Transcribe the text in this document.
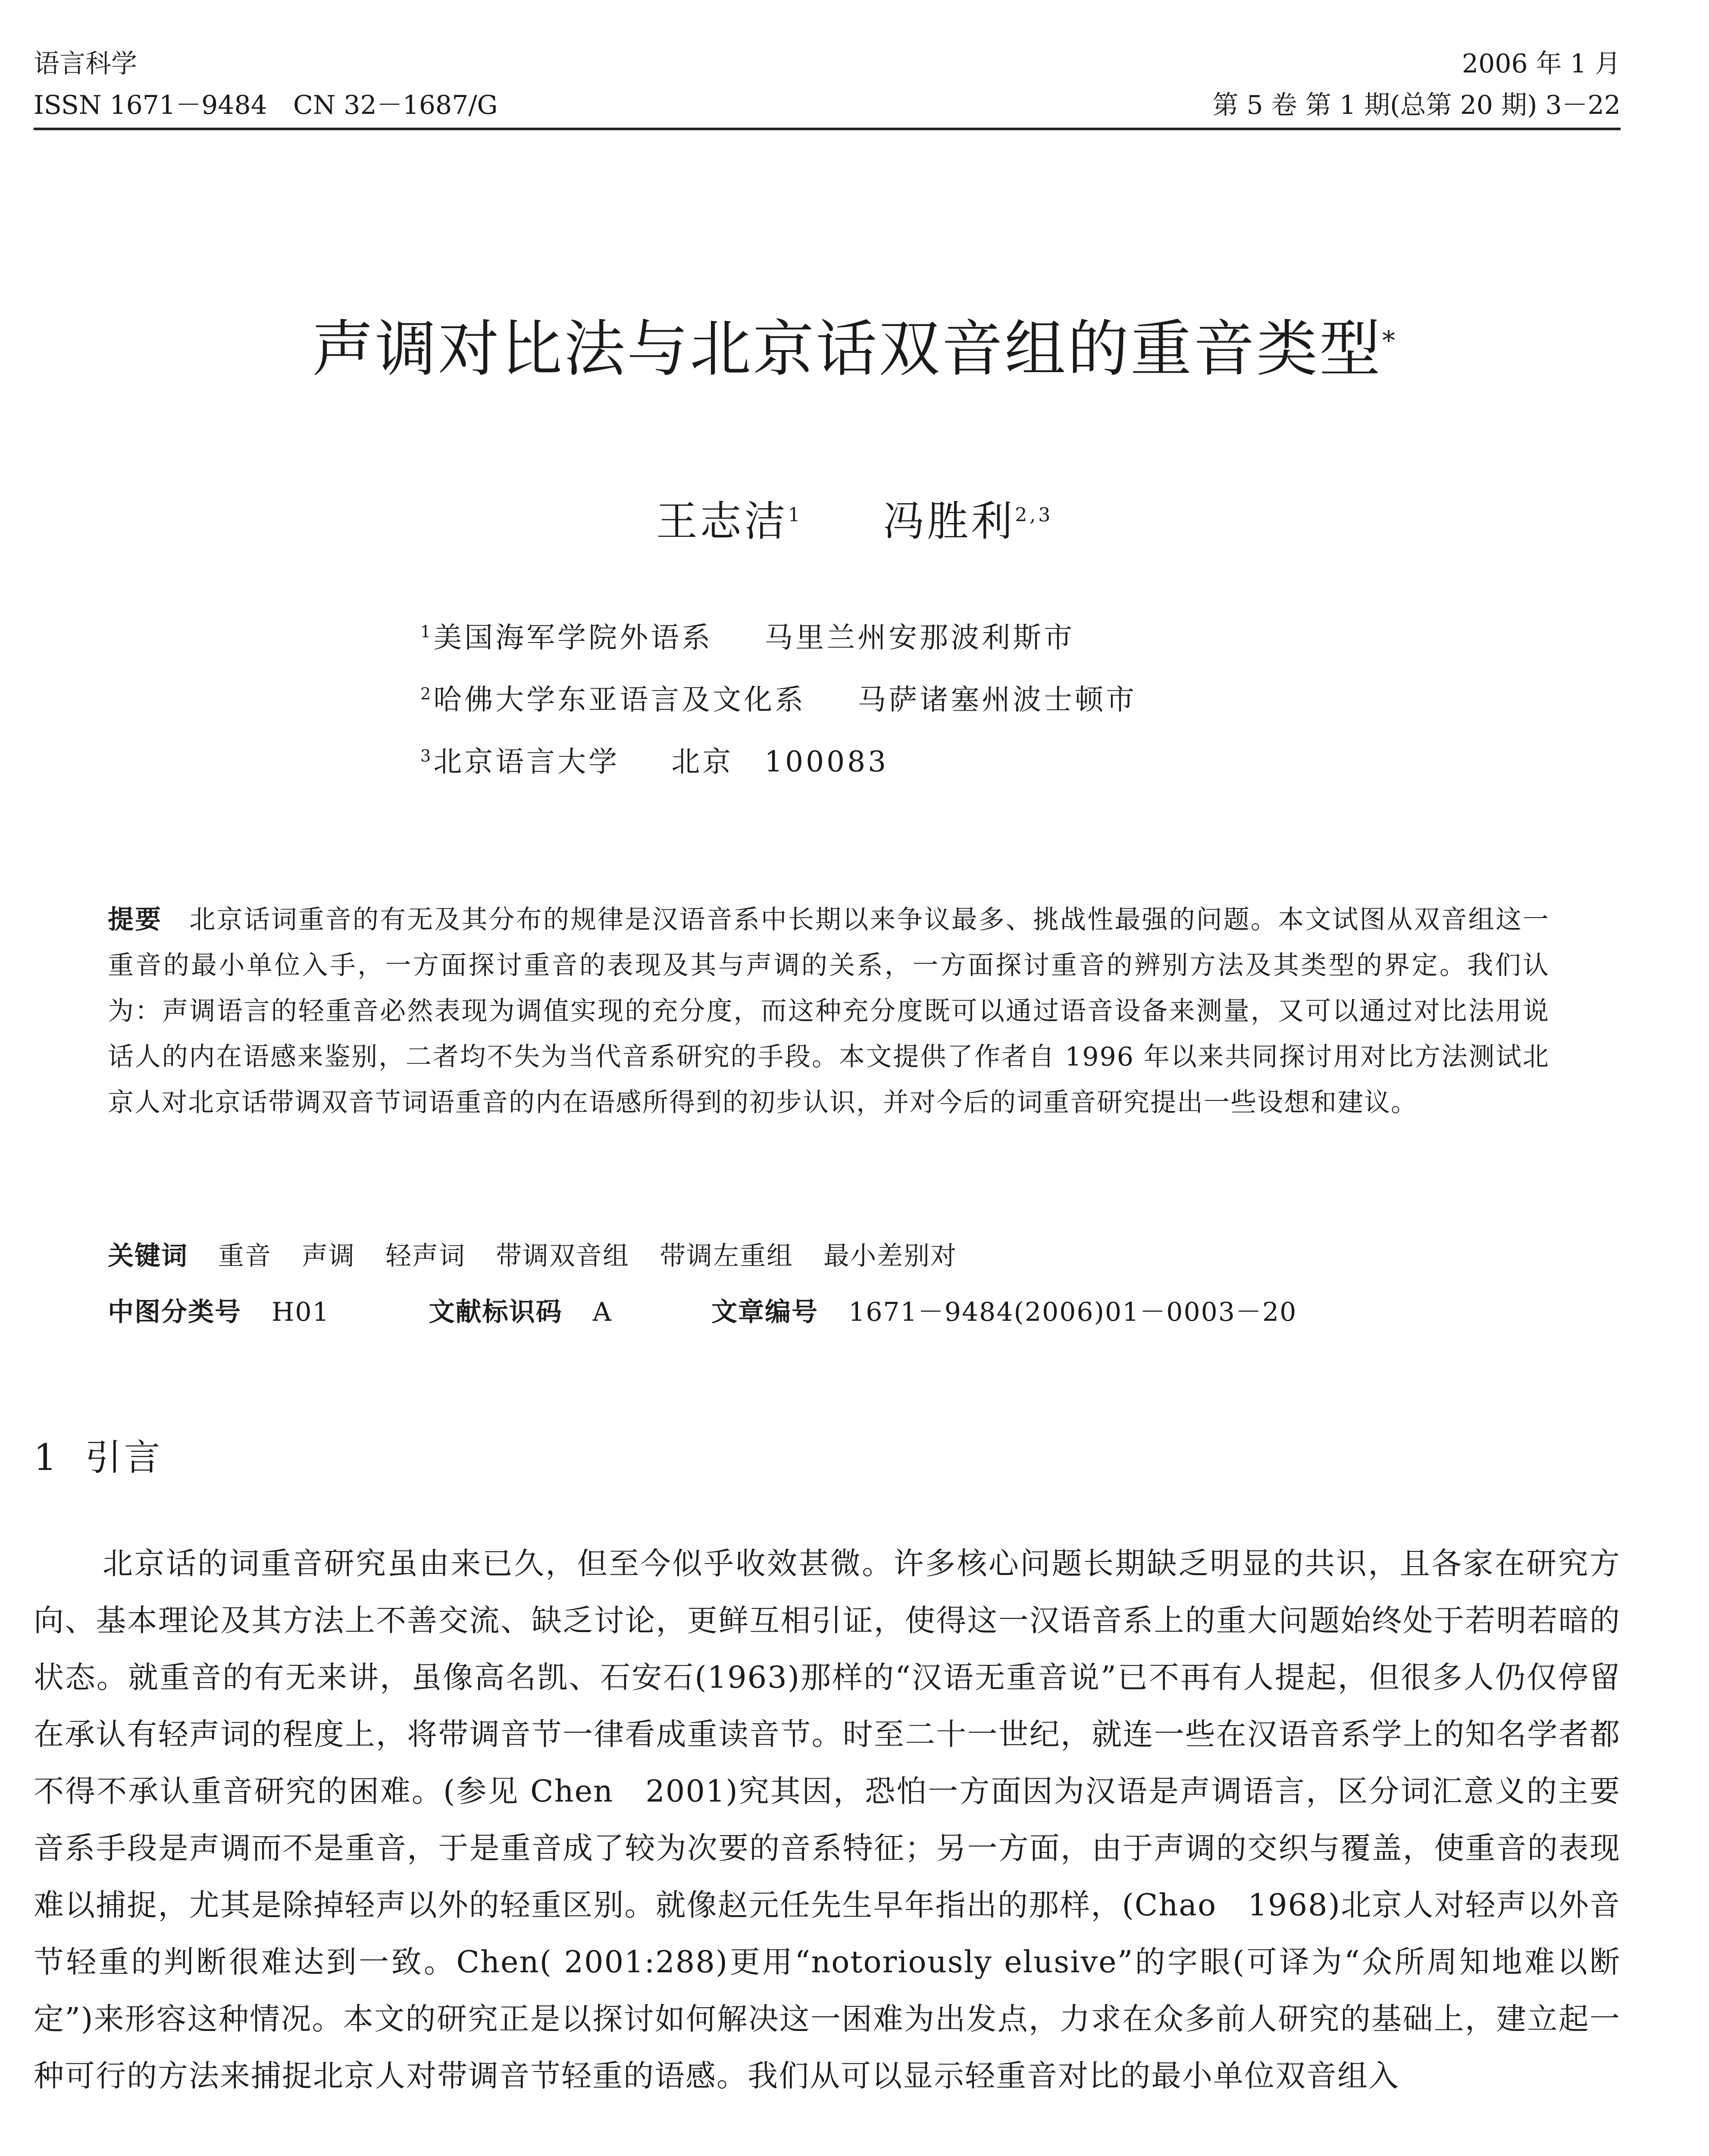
语言科学
ISSN 1671－9484　CN 32－1687/G
2006 年 1 月
第 5 卷 第 1 期(总第 20 期) 3－22
声调对比法与北京话双音组的重音类型*
王志洁$^1$ 冯胜利$^{2,3}$
$^1$美国海军学院外语系 马里兰州安那波利斯市
$^2$哈佛大学东亚语言及文化系 马萨诸塞州波士顿市
$^3$北京语言大学 北京　100083
提要　 北京话词重音的有无及其分布的规律是汉语音系中长期以来争议最多、挑战性最强的问题。本文试图从双音组这一重音的最小单位入手，一方面探讨重音的表现及其与声调的关系，一方面探讨重音的辨别方法及其类型的界定。我们认为：声调语言的轻重音必然表现为调值实现的充分度，而这种充分度既可以通过语音设备来测量，又可以通过对比法用说话人的内在语感来鉴别，二者均不失为当代音系研究的手段。本文提供了作者自 1996 年以来共同探讨用对比方法测试北京人对北京话带调双音节词语重音的内在语感所得到的初步认识，并对今后的词重音研究提出一些设想和建议。
关键词 重音 声调 轻声词 带调双音组 带调左重组 最小差别对
中图分类号 H01	文献标识码 A	文章编号 1671－9484(2006)01－0003－20
1 引言
北京话的词重音研究虽由来已久，但至今似乎收效甚微。许多核心问题长期缺乏明显的共识，且各家在研究方向、基本理论及其方法上不善交流、缺乏讨论，更鲜互相引证，使得这一汉语音系上的重大问题始终处于若明若暗的状态。就重音的有无来讲，虽像高名凯、石安石(1963)那样的“汉语无重音说”已不再有人提起，但很多人仍仅停留在承认有轻声词的程度上，将带调音节一律看成重读音节。时至二十一世纪，就连一些在汉语音系学上的知名学者都不得不承认重音研究的困难。(参见 Chen　2001)究其因，恐怕一方面因为汉语是声调语言，区分词汇意义的主要音系手段是声调而不是重音，于是重音成了较为次要的音系特征；另一方面，由于声调的交织与覆盖，使重音的表现难以捕捉，尤其是除掉轻声以外的轻重区别。就像赵元任先生早年指出的那样，(Chao　1968)北京人对轻声以外音节轻重的判断很难达到一致。Chen( 2001:288)更用“notoriously elusive”的字眼(可译为“众所周知地难以断定”)来形容这种情况。本文的研究正是以探讨如何解决这一困难为出发点，力求在众多前人研究的基础上，建立起一种可行的方法来捕捉北京人对带调音节轻重的语感。我们从可以显示轻重音对比的最小单位双音组入
